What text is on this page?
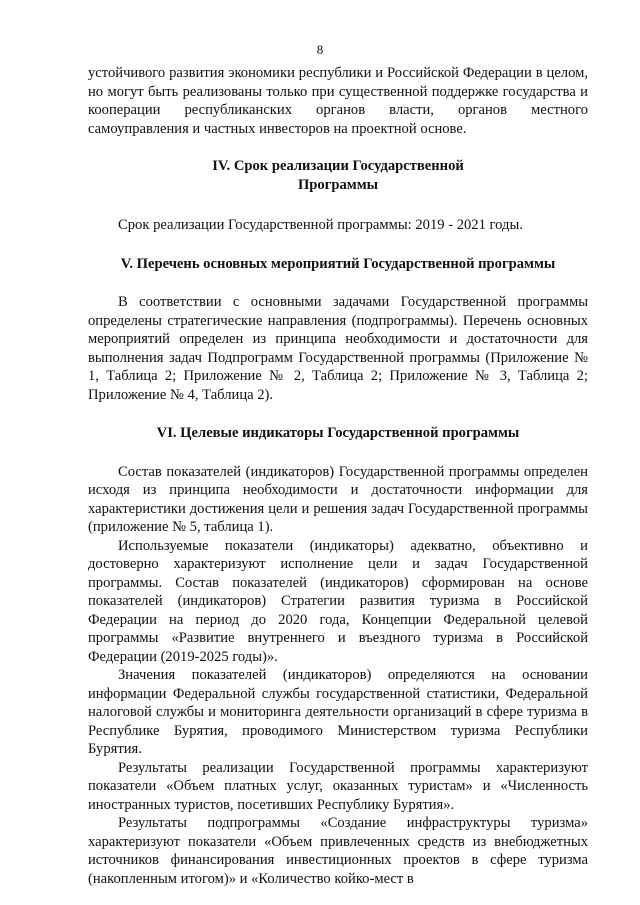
8

устойчивого развития экономики республики и Российской Федерации в целом, но могут быть реализованы только при существенной поддержке государства и кооперации республиканских органов власти, органов местного самоуправления и частных инвесторов на проектной основе.

IV. Срок реализации Государственной
Программы

Срок реализации Государственной программы: 2019 - 2021 годы.

V. Перечень основных мероприятий Государственной программы

В соответствии с основными задачами Государственной программы определены стратегические направления (подпрограммы). Перечень основных мероприятий определен из принципа необходимости и достаточности для выполнения задач Подпрограмм Государственной программы (Приложение № 1, Таблица 2; Приложение № 2, Таблица 2; Приложение № 3, Таблица 2; Приложение № 4, Таблица 2).

VI. Целевые индикаторы Государственной программы

Состав показателей (индикаторов) Государственной программы определен исходя из принципа необходимости и достаточности информации для характеристики достижения цели и решения задач Государственной программы (приложение № 5, таблица 1).

Используемые показатели (индикаторы) адекватно, объективно и достоверно характеризуют исполнение цели и задач Государственной программы. Состав показателей (индикаторов) сформирован на основе показателей (индикаторов) Стратегии развития туризма в Российской Федерации на период до 2020 года, Концепции Федеральной целевой программы «Развитие внутреннего и въездного туризма в Российской Федерации (2019-2025 годы)».

Значения показателей (индикаторов) определяются на основании информации Федеральной службы государственной статистики, Федеральной налоговой службы и мониторинга деятельности организаций в сфере туризма в Республике Бурятия, проводимого Министерством туризма Республики Бурятия.

Результаты реализации Государственной программы характеризуют показатели «Объем платных услуг, оказанных туристам» и «Численность иностранных туристов, посетивших Республику Бурятия».

Результаты подпрограммы «Создание инфраструктуры туризма» характеризуют показатели «Объем привлеченных средств из внебюджетных источников финансирования инвестиционных проектов в сфере туризма (накопленным итогом)» и «Количество койко-мест в
